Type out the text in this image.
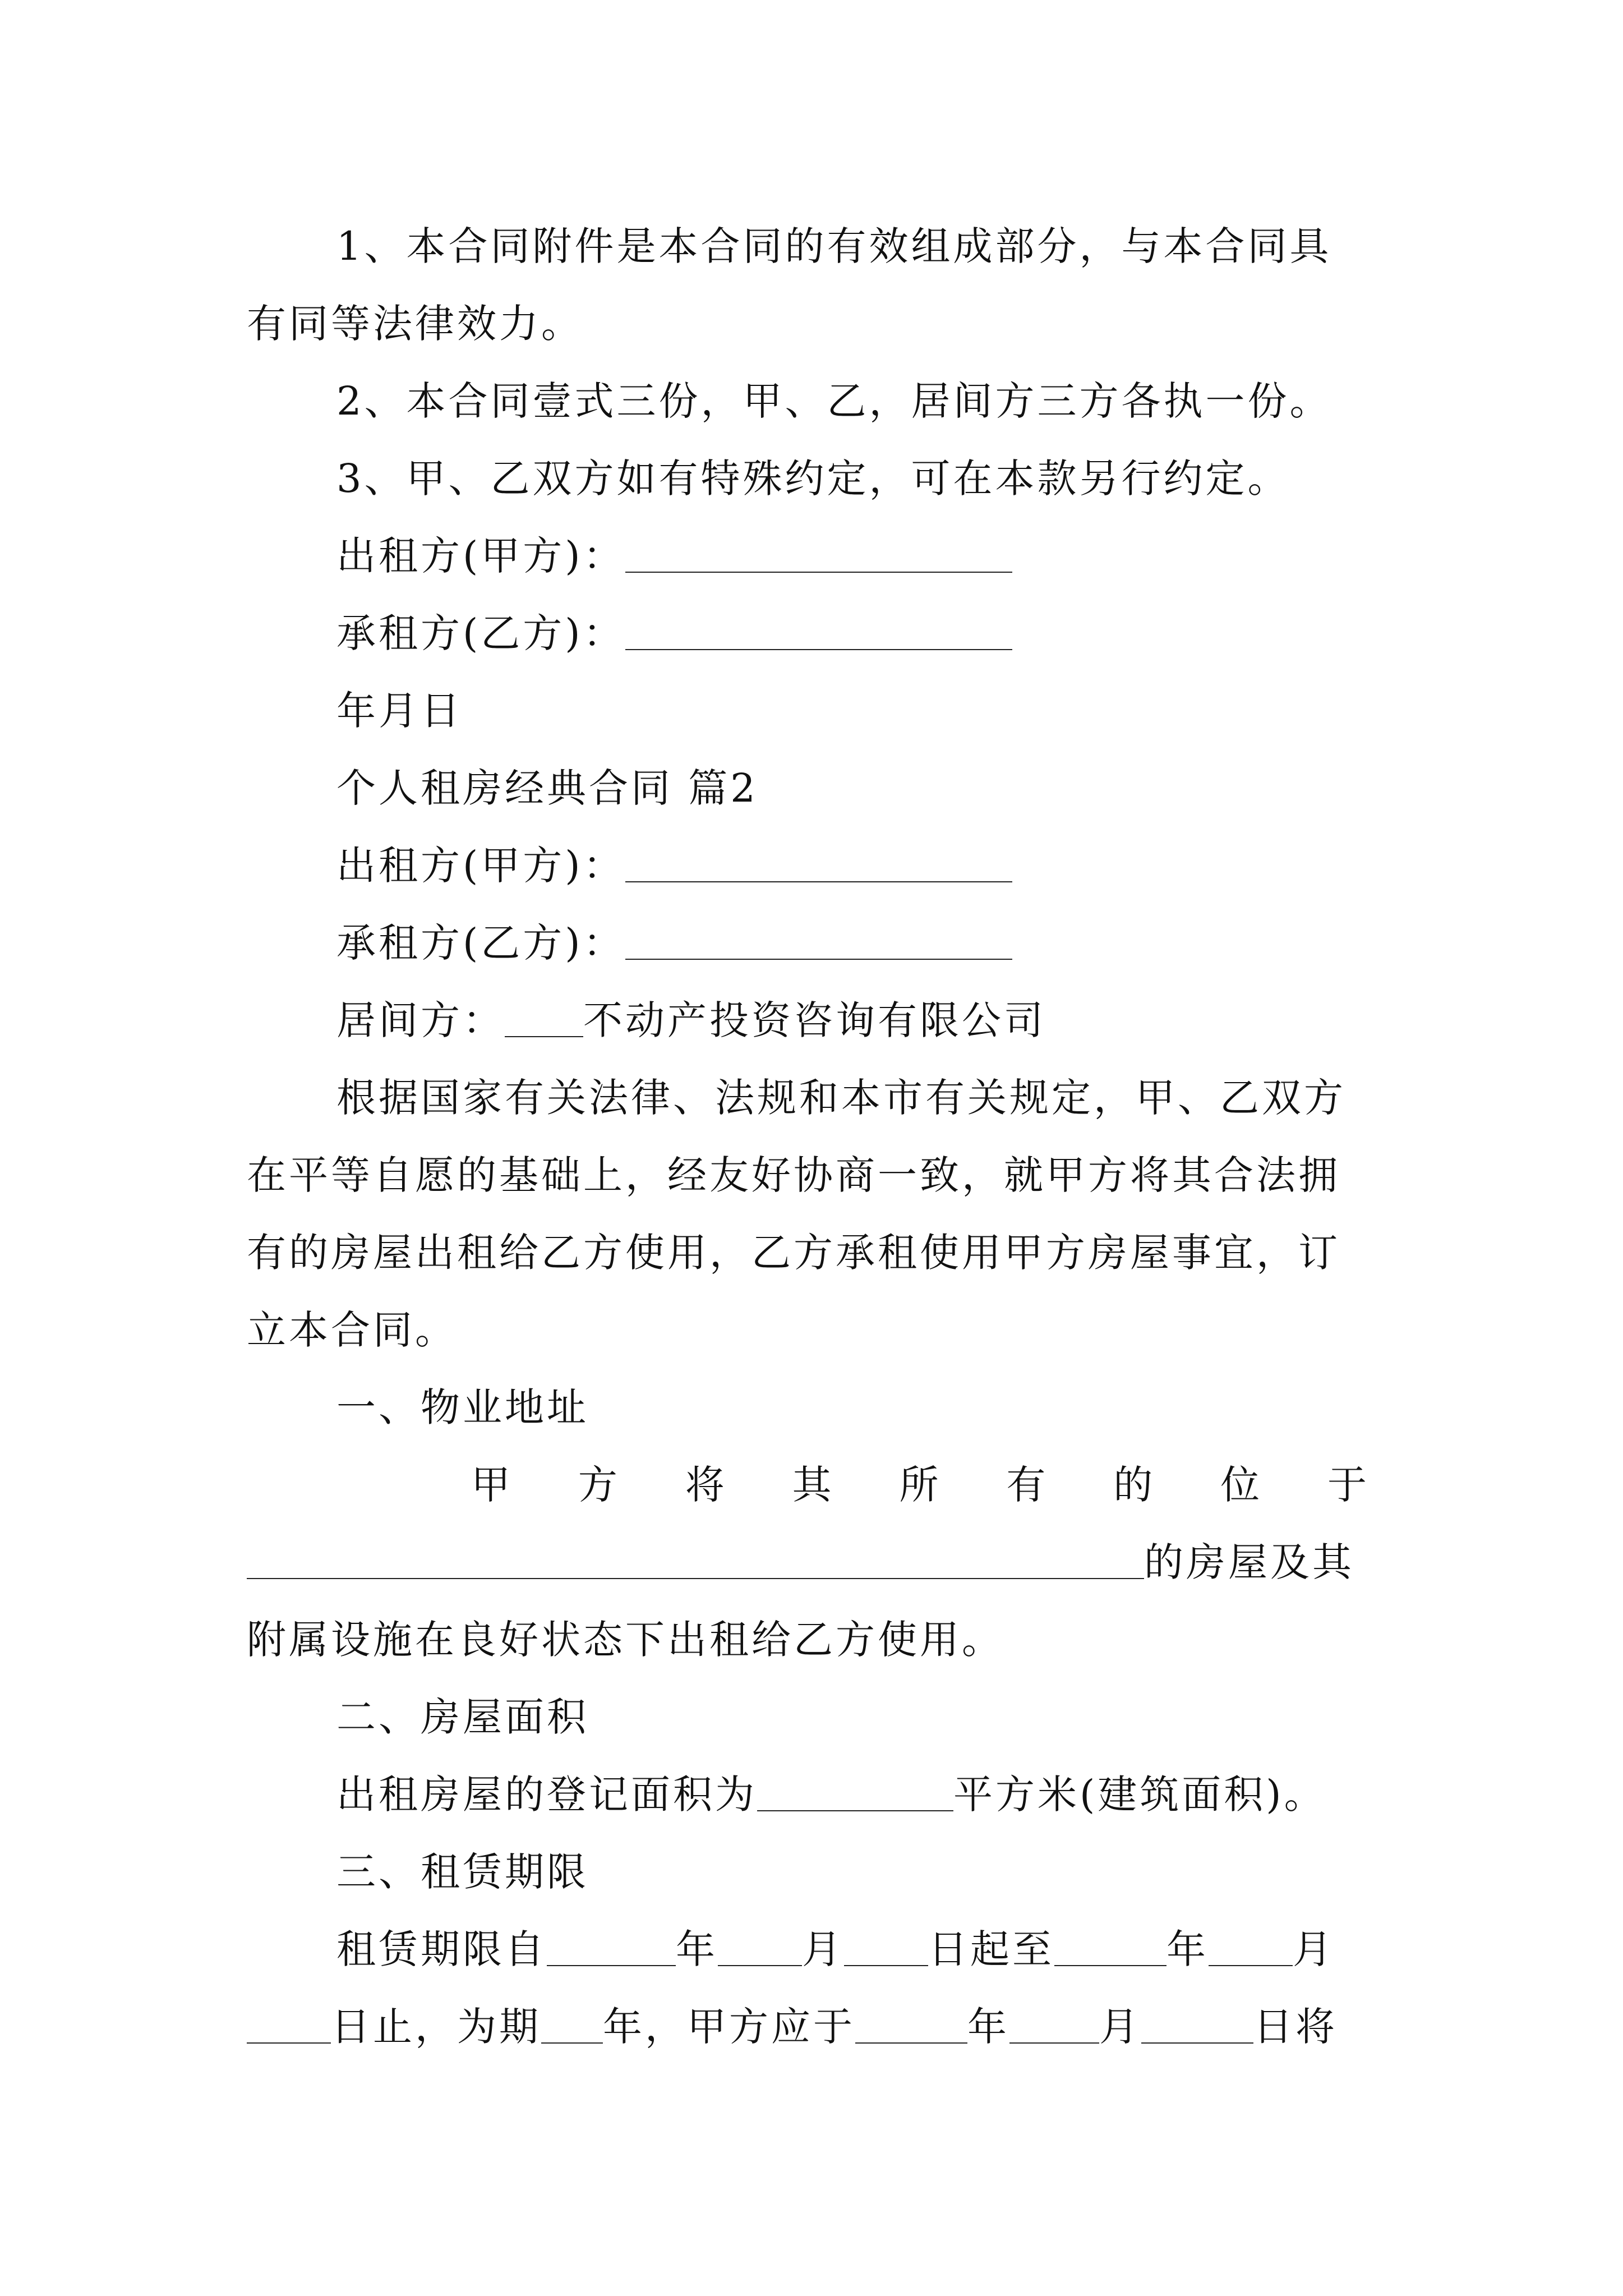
1、本合同附件是本合同的有效组成部分，与本合同具
有同等法律效力。
2、本合同壹式三份，甲、乙，居间方三方各执一份。
3、甲、乙双方如有特殊约定，可在本款另行约定。
出租方(甲方)：
承租方(乙方)：
年月日
个人租房经典合同 篇2
出租方(甲方)：
承租方(乙方)：
居间方： 不动产投资咨询有限公司
根据国家有关法律、法规和本市有关规定，甲、乙双方
在平等自愿的基础上，经友好协商一致，就甲方将其合法拥
有的房屋出租给乙方使用，乙方承租使用甲方房屋事宜，订
立本合同。
一、物业地址
甲 方 将 其 所 有 的 位 于
的房屋及其
附属设施在良好状态下出租给乙方使用。
二、房屋面积
出租房屋的登记面积为	平方米(建筑面积)。
三、租赁期限
租赁期限自	年 月 日起至	年 月
日止，为期 年，甲方应于	年 月	日将
